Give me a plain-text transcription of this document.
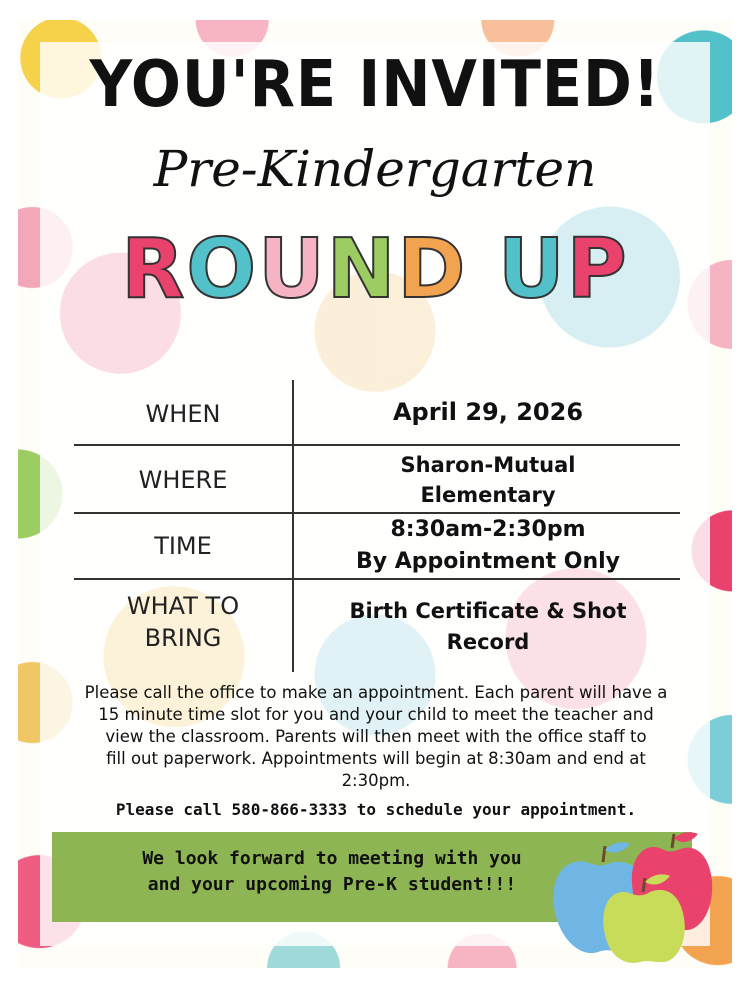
YOU'RE INVITED!
Pre-Kindergarten
ROUND UP
WHEN	April 29, 2026
WHERE
Sharon-Mutual
Elementary
TIME
8:30am-2:30pm
By Appointment Only
WHAT TO
BRING
Birth Certificate & Shot
Record
Please call the office to make an appointment. Each parent will have a
15 minute time slot for you and your child to meet the teacher and
view the classroom. Parents will then meet with the office staff to
fill out paperwork. Appointments will begin at 8:30am and end at
2:30pm.
Please call 580-866-3333 to schedule your appointment.
We look forward to meeting with you
and your upcoming Pre-K student!!!
